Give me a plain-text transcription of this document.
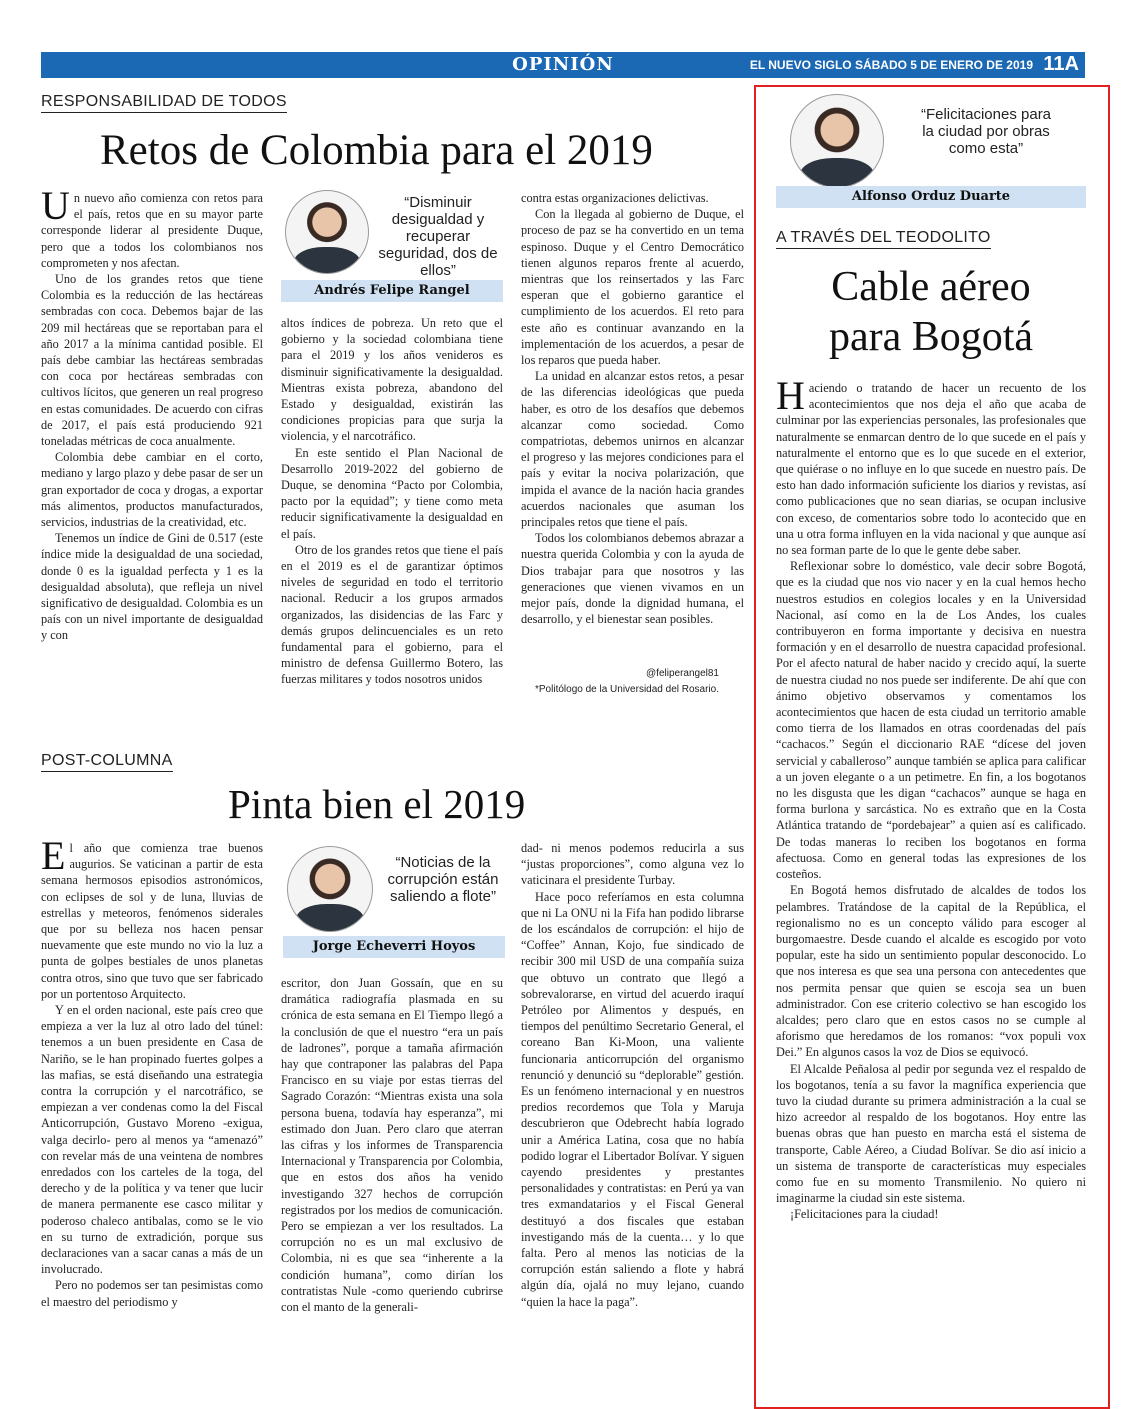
OPINIÓN	EL NUEVO SIGLO SÁBADO 5 DE ENERO DE 2019 11A
RESPONSABILIDAD DE TODOS
Retos de Colombia para el 2019

Un nuevo año comienza con retos para el país, retos que en su mayor parte corresponde liderar al presidente Duque, pero que a todos los colombianos nos comprometen y nos afectan.

Uno de los grandes retos que tiene Colombia es la reducción de las hectáreas sembradas con coca. Debemos bajar de las 209 mil hectáreas que se reportaban para el año 2017 a la mínima cantidad posible. El país debe cambiar las hectáreas sembradas con coca por hectáreas sembradas con cultivos lícitos, que generen un real progreso en estas comunidades. De acuerdo con cifras de 2017, el país está produciendo 921 toneladas métricas de coca anualmente.

Colombia debe cambiar en el corto, mediano y largo plazo y debe pasar de ser un gran exportador de coca y drogas, a exportar más alimentos, productos manufacturados, servicios, industrias de la creatividad, etc.

Tenemos un índice de Gini de 0.517 (este índice mide la desigualdad de una sociedad, donde 0 es la igualdad perfecta y 1 es la desigualdad absoluta), que refleja un nivel significativo de desigualdad. Colombia es un país con un nivel importante de desigualdad y con

“Disminuir desigualdad y recuperar seguridad, dos de ellos”
Andrés Felipe Rangel

altos índices de pobreza. Un reto que el gobierno y la sociedad colombiana tiene para el 2019 y los años venideros es disminuir significativamente la desigualdad. Mientras exista pobreza, abandono del Estado y desigualdad, existirán las condiciones propicias para que surja la violencia, y el narcotráfico.

En este sentido el Plan Nacional de Desarrollo 2019-2022 del gobierno de Duque, se denomina “Pacto por Colombia, pacto por la equidad”; y tiene como meta reducir significativamente la desigualdad en el país.

Otro de los grandes retos que tiene el país en el 2019 es el de garantizar óptimos niveles de seguridad en todo el territorio nacional. Reducir a los grupos armados organizados, las disidencias de las Farc y demás grupos delincuenciales es un reto fundamental para el gobierno, para el ministro de defensa Guillermo Botero, las fuerzas militares y todos nosotros unidos

contra estas organizaciones delictivas.

Con la llegada al gobierno de Duque, el proceso de paz se ha convertido en un tema espinoso. Duque y el Centro Democrático tienen algunos reparos frente al acuerdo, mientras que los reinsertados y las Farc esperan que el gobierno garantice el cumplimiento de los acuerdos. El reto para este año es continuar avanzando en la implementación de los acuerdos, a pesar de los reparos que pueda haber.

La unidad en alcanzar estos retos, a pesar de las diferencias ideológicas que pueda haber, es otro de los desafíos que debemos alcanzar como sociedad. Como compatriotas, debemos unirnos en alcanzar el progreso y las mejores condiciones para el país y evitar la nociva polarización, que impida el avance de la nación hacia grandes acuerdos nacionales que asuman los principales retos que tiene el país.

Todos los colombianos debemos abrazar a nuestra querida Colombia y con la ayuda de Dios trabajar para que nosotros y las generaciones que vienen vivamos en un mejor país, donde la dignidad humana, el desarrollo, y el bienestar sean posibles.

@feliperangel81
*Politólogo de la Universidad del Rosario.
POST-COLUMNA
Pinta bien el 2019

El año que comienza trae buenos augurios. Se vaticinan a partir de esta semana hermosos episodios astronómicos, con eclipses de sol y de luna, lluvias de estrellas y meteoros, fenómenos siderales que por su belleza nos hacen pensar nuevamente que este mundo no vio la luz a punta de golpes bestiales de unos planetas contra otros, sino que tuvo que ser fabricado por un portentoso Arquitecto.

Y en el orden nacional, este país creo que empieza a ver la luz al otro lado del túnel: tenemos a un buen presidente en Casa de Nariño, se le han propinado fuertes golpes a las mafias, se está diseñando una estrategia contra la corrupción y el narcotráfico, se empiezan a ver condenas como la del Fiscal Anticorrupción, Gustavo Moreno -exigua, valga decirlo- pero al menos ya “amenazó” con revelar más de una veintena de nombres enredados con los carteles de la toga, del derecho y de la política y va tener que lucir de manera permanente ese casco militar y poderoso chaleco antibalas, como se le vio en su turno de extradición, porque sus declaraciones van a sacar canas a más de un involucrado.

Pero no podemos ser tan pesimistas como el maestro del periodismo y

“Noticias de la corrupción están saliendo a flote”
Jorge Echeverri Hoyos

escritor, don Juan Gossaín, que en su dramática radiografía plasmada en su crónica de esta semana en El Tiempo llegó a la conclusión de que el nuestro “era un país de ladrones”, porque a tamaña afirmación hay que contraponer las palabras del Papa Francisco en su viaje por estas tierras del Sagrado Corazón: “Mientras exista una sola persona buena, todavía hay esperanza”, mi estimado don Juan. Pero claro que aterran las cifras y los informes de Transparencia Internacional y Transparencia por Colombia, que en estos dos años ha venido investigando 327 hechos de corrupción registrados por los medios de comunicación. Pero se empiezan a ver los resultados. La corrupción no es un mal exclusivo de Colombia, ni es que sea “inherente a la condición humana”, como dirían los contratistas Nule -como queriendo cubrirse con el manto de la generali-

dad- ni menos podemos reducirla a sus “justas proporciones”, como alguna vez lo vaticinara el presidente Turbay.

Hace poco referíamos en esta columna que ni La ONU ni la Fifa han podido librarse de los escándalos de corrupción: el hijo de “Coffee” Annan, Kojo, fue sindicado de recibir 300 mil USD de una compañía suiza que obtuvo un contrato que llegó a sobrevalorarse, en virtud del acuerdo iraquí Petróleo por Alimentos y después, en tiempos del penúltimo Secretario General, el coreano Ban Ki-Moon, una valiente funcionaria anticorrupción del organismo renunció y denunció su “deplorable” gestión. Es un fenómeno internacional y en nuestros predios recordemos que Tola y Maruja descubrieron que Odebrecht había logrado unir a América Latina, cosa que no había podido lograr el Libertador Bolívar. Y siguen cayendo presidentes y prestantes personalidades y contratistas: en Perú ya van tres exmandatarios y el Fiscal General destituyó a dos fiscales que estaban investigando más de la cuenta… y lo que falta. Pero al menos las noticias de la corrupción están saliendo a flote y habrá algún día, ojalá no muy lejano, cuando “quien la hace la paga”.

“Felicitaciones para la ciudad por obras como esta”
Alfonso Orduz Duarte
A TRAVÉS DEL TEODOLITO
Cable aéreo
para Bogotá

Haciendo o tratando de hacer un recuento de los acontecimientos que nos deja el año que acaba de culminar por las experiencias personales, las profesionales que naturalmente se enmarcan dentro de lo que sucede en el país y naturalmente el entorno que es lo que sucede en el exterior, que quiérase o no influye en lo que sucede en nuestro país. De esto han dado información suficiente los diarios y revistas, así como publicaciones que no sean diarias, se ocupan inclusive con exceso, de comentarios sobre todo lo acontecido que en una u otra forma influyen en la vida nacional y que aunque así no sea forman parte de lo que le gente debe saber.

Reflexionar sobre lo doméstico, vale decir sobre Bogotá, que es la ciudad que nos vio nacer y en la cual hemos hecho nuestros estudios en colegios locales y en la Universidad Nacional, así como en la de Los Andes, los cuales contribuyeron en forma importante y decisiva en nuestra formación y en el desarrollo de nuestra capacidad profesional. Por el afecto natural de haber nacido y crecido aquí, la suerte de nuestra ciudad no nos puede ser indiferente. De ahí que con ánimo objetivo observamos y comentamos los acontecimientos que hacen de esta ciudad un territorio amable como tierra de los llamados en otras coordenadas del país “cachacos.” Según el diccionario RAE “dícese del joven servicial y caballeroso” aunque también se aplica para calificar a un joven elegante o a un petimetre. En fin, a los bogotanos no les disgusta que les digan “cachacos” aunque se haga en forma burlona y sarcástica. No es extraño que en la Costa Atlántica tratando de “pordebajear” a quien así es calificado. De todas maneras lo reciben los bogotanos en forma afectuosa. Como en general todas las expresiones de los costeños.

En Bogotá hemos disfrutado de alcaldes de todos los pelambres. Tratándose de la capital de la República, el regionalismo no es un concepto válido para escoger al burgomaestre. Desde cuando el alcalde es escogido por voto popular, este ha sido un sentimiento popular desconocido. Lo que nos interesa es que sea una persona con antecedentes que nos permita pensar que quien se escoja sea un buen administrador. Con ese criterio colectivo se han escogido los alcaldes; pero claro que en estos casos no se cumple al aforismo que heredamos de los romanos: “vox populi vox Dei.” En algunos casos la voz de Dios se equivocó.

El Alcalde Peñalosa al pedir por segunda vez el respaldo de los bogotanos, tenía a su favor la magnífica experiencia que tuvo la ciudad durante su primera administración a la cual se hizo acreedor al respaldo de los bogotanos. Hoy entre las buenas obras que han puesto en marcha está el sistema de transporte, Cable Aéreo, a Ciudad Bolívar. Se dio así inicio a un sistema de transporte de características muy especiales como fue en su momento Transmilenio. No quiero ni imaginarme la ciudad sin este sistema.

¡Felicitaciones para la ciudad!
